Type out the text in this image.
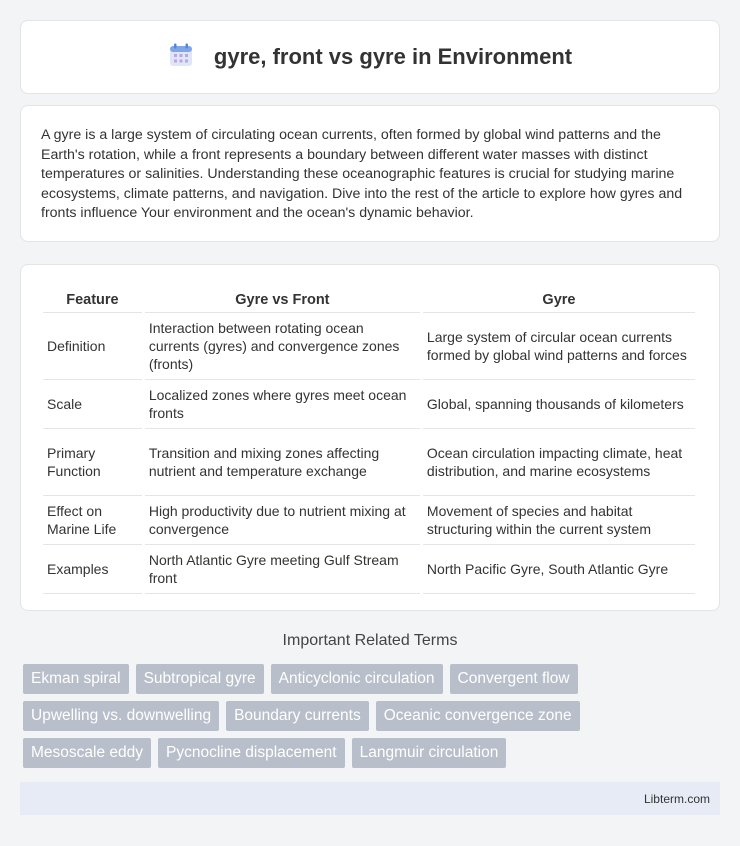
gyre, front vs gyre in Environment

A gyre is a large system of circulating ocean currents, often formed by global wind patterns and the Earth's rotation, while a front represents a boundary between different water masses with distinct temperatures or salinities. Understanding these oceanographic features is crucial for studying marine ecosystems, climate patterns, and navigation. Dive into the rest of the article to explore how gyres and fronts influence Your environment and the ocean's dynamic behavior.

Feature	Gyre vs Front	Gyre
Definition	Interaction between rotating ocean currents (gyres) and convergence zones (fronts)	Large system of circular ocean currents formed by global wind patterns and forces
Scale	Localized zones where gyres meet ocean fronts	Global, spanning thousands of kilometers
Primary Function	Transition and mixing zones affecting nutrient and temperature exchange	Ocean circulation impacting climate, heat distribution, and marine ecosystems
Effect on Marine Life	High productivity due to nutrient mixing at convergence	Movement of species and habitat structuring within the current system
Examples	North Atlantic Gyre meeting Gulf Stream front	North Pacific Gyre, South Atlantic Gyre
Important Related Terms
Ekman spiral	Subtropical gyre	Anticyclonic circulation	Convergent flow
Upwelling vs. downwelling	Boundary currents	Oceanic convergence zone
Mesoscale eddy	Pycnocline displacement	Langmuir circulation
Libterm.com
